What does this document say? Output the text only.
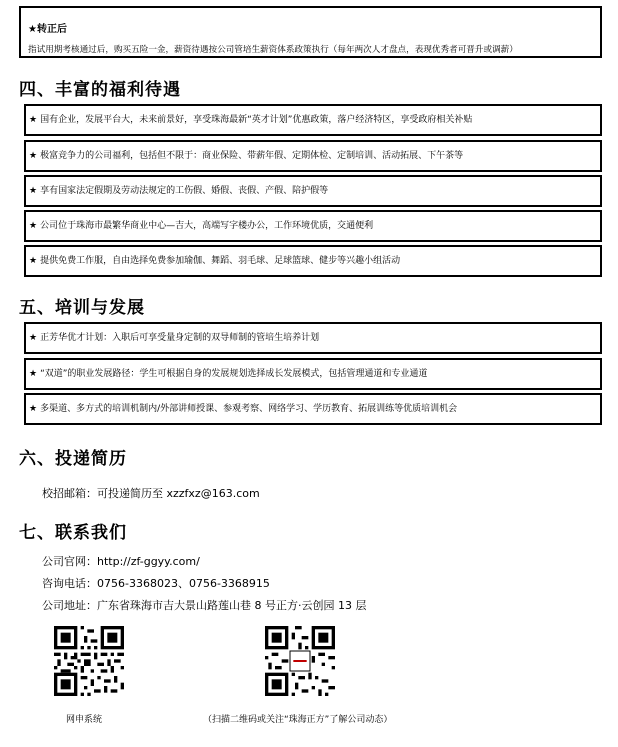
★转正后
指试用期考核通过后，购买五险一金，薪资待遇按公司管培生薪资体系政策执行（每年两次人才盘点，表现优秀者可晋升或调薪）
四、丰富的福利待遇
★ 国有企业，发展平台大，未来前景好，享受珠海最新“英才计划”优惠政策，落户经济特区，享受政府相关补贴
★ 极富竞争力的公司福利，包括但不限于：商业保险、带薪年假、定期体检、定制培训、活动拓展、下午茶等
★ 享有国家法定假期及劳动法规定的工伤假、婚假、丧假、产假、陪护假等
★ 公司位于珠海市最繁华商业中心—吉大，高端写字楼办公，工作环境优质，交通便利
★ 提供免费工作服，自由选择免费参加瑜伽、舞蹈、羽毛球、足球篮球、健步等兴趣小组活动
五、培训与发展
★ 正芳华优才计划：入职后可享受量身定制的双导师制的管培生培养计划
★ “双道”的职业发展路径：学生可根据自身的发展规划选择成长发展模式，包括管理通道和专业通道
★ 多渠道、多方式的培训机制内/外部讲师授课、参观考察、网络学习、学历教育、拓展训练等优质培训机会
六、投递简历
校招邮箱：可投递简历至 xzzfxz@163.com
七、联系我们
公司官网：http://zf-ggyy.com/
咨询电话：0756-3368023、0756-3368915
公司地址：广东省珠海市吉大景山路莲山巷 8 号正方·云创园 13 层
网申系统	（扫描二维码或关注“珠海正方”了解公司动态）
